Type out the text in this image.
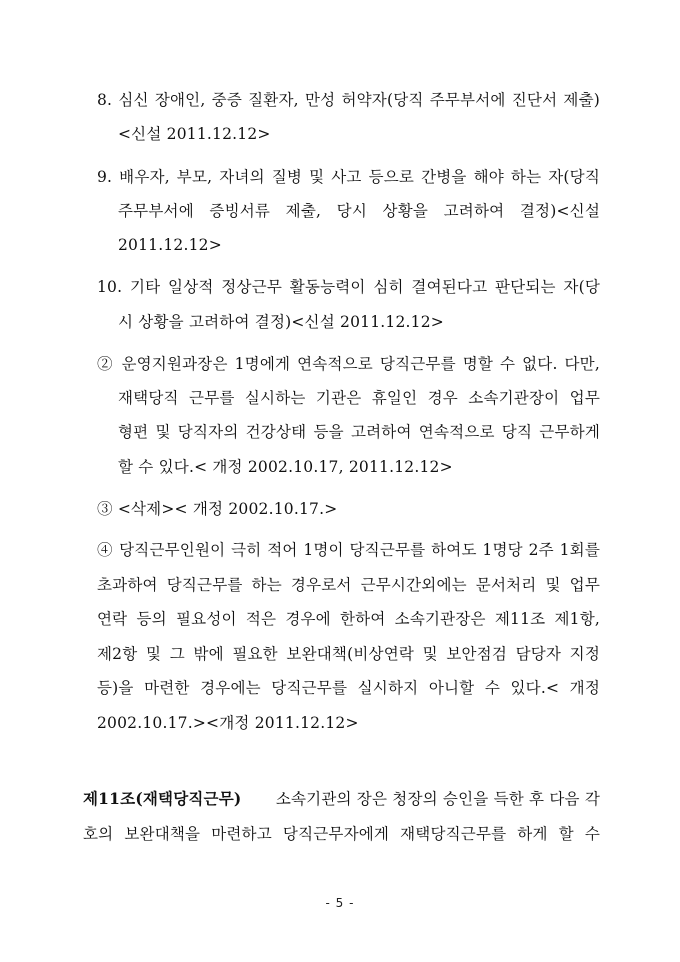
8. 심신 장애인, 중증 질환자, 만성 허약자(당직 주무부서에 진단서 제출)
<신설 2011.12.12>
9. 배우자, 부모, 자녀의 질병 및 사고 등으로 간병을 해야 하는 자(당직
주무부서에 증빙서류 제출, 당시 상황을 고려하여 결정)<신설
2011.12.12>
10. 기타 일상적 정상근무 활동능력이 심히 결여된다고 판단되는 자(당
시 상황을 고려하여 결정)<신설 2011.12.12>
② 운영지원과장은 1명에게 연속적으로 당직근무를 명할 수 없다. 다만,
재택당직 근무를 실시하는 기관은 휴일인 경우 소속기관장이 업무
형편 및 당직자의 건강상태 등을 고려하여 연속적으로 당직 근무하게
할 수 있다.< 개정 2002.10.17, 2011.12.12>
③ <삭제>< 개정 2002.10.17.>
④ 당직근무인원이 극히 적어 1명이 당직근무를 하여도 1명당 2주 1회를
초과하여 당직근무를 하는 경우로서 근무시간외에는 문서처리 및 업무
연락 등의 필요성이 적은 경우에 한하여 소속기관장은 제11조 제1항,
제2항 및 그 밖에 필요한 보완대책(비상연락 및 보안점검 담당자 지정
등)을 마련한 경우에는 당직근무를 실시하지 아니할 수 있다.< 개정
2002.10.17.><개정 2011.12.12>
제11조(재택당직근무) 소속기관의 장은 청장의 승인을 득한 후 다음 각
호의 보완대책을 마련하고 당직근무자에게 재택당직근무를 하게 할 수
- 5 -
